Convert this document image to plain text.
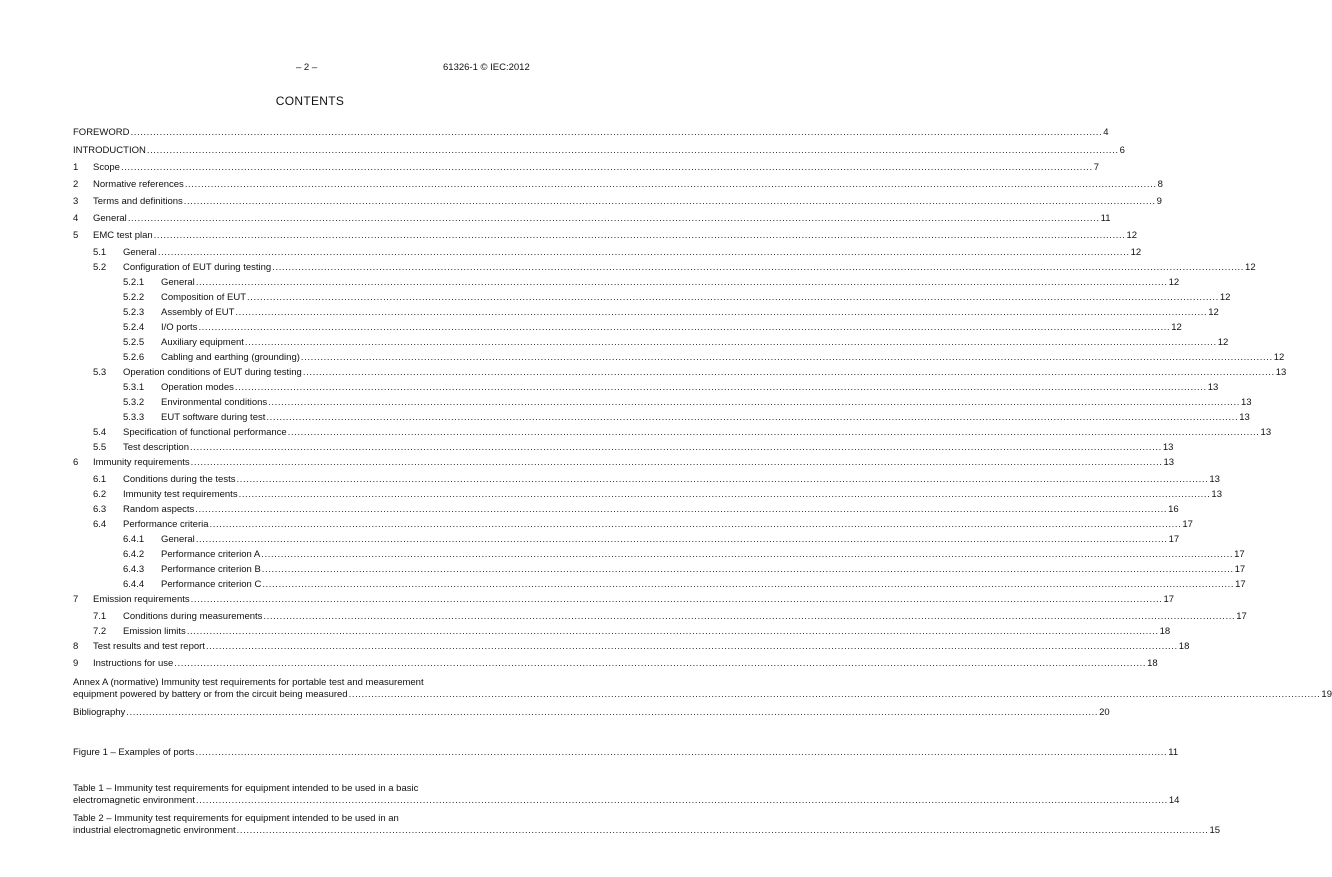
– 2 –	61326-1 © IEC:2012
CONTENTS
FOREWORD ............................................................................................................................................................................................................................................................................................................ 4
INTRODUCTION ............................................................................................................................................................................................................................................................................................................ 6
1	Scope ............................................................................................................................................................................................................................................................................................................ 7
2	Normative references ............................................................................................................................................................................................................................................................................................................ 8
3	Terms and definitions ............................................................................................................................................................................................................................................................................................................ 9
4	General ............................................................................................................................................................................................................................................................................................................ 11
5	EMC test plan ............................................................................................................................................................................................................................................................................................................ 12
5.1	General ............................................................................................................................................................................................................................................................................................................ 12
5.2	Configuration of EUT during testing ............................................................................................................................................................................................................................................................................................................ 12
5.2.1	General ............................................................................................................................................................................................................................................................................................................ 12
5.2.2	Composition of EUT ............................................................................................................................................................................................................................................................................................................ 12
5.2.3	Assembly of EUT ............................................................................................................................................................................................................................................................................................................ 12
5.2.4	I/O ports ............................................................................................................................................................................................................................................................................................................ 12
5.2.5	Auxiliary equipment ............................................................................................................................................................................................................................................................................................................ 12
5.2.6	Cabling and earthing (grounding) ............................................................................................................................................................................................................................................................................................................ 12
5.3	Operation conditions of EUT during testing ............................................................................................................................................................................................................................................................................................................ 13
5.3.1	Operation modes ............................................................................................................................................................................................................................................................................................................ 13
5.3.2	Environmental conditions ............................................................................................................................................................................................................................................................................................................ 13
5.3.3	EUT software during test ............................................................................................................................................................................................................................................................................................................ 13
5.4	Specification of functional performance ............................................................................................................................................................................................................................................................................................................ 13
5.5	Test description ............................................................................................................................................................................................................................................................................................................ 13
6	Immunity requirements ............................................................................................................................................................................................................................................................................................................ 13
6.1	Conditions during the tests ............................................................................................................................................................................................................................................................................................................ 13
6.2	Immunity test requirements ............................................................................................................................................................................................................................................................................................................ 13
6.3	Random aspects ............................................................................................................................................................................................................................................................................................................ 16
6.4	Performance criteria ............................................................................................................................................................................................................................................................................................................ 17
6.4.1	General ............................................................................................................................................................................................................................................................................................................ 17
6.4.2	Performance criterion A ............................................................................................................................................................................................................................................................................................................ 17
6.4.3	Performance criterion B ............................................................................................................................................................................................................................................................................................................ 17
6.4.4	Performance criterion C ............................................................................................................................................................................................................................................................................................................ 17
7	Emission requirements ............................................................................................................................................................................................................................................................................................................ 17
7.1	Conditions during measurements ............................................................................................................................................................................................................................................................................................................ 17
7.2	Emission limits ............................................................................................................................................................................................................................................................................................................ 18
8	Test results and test report ............................................................................................................................................................................................................................................................................................................ 18
9	Instructions for use ............................................................................................................................................................................................................................................................................................................ 18
Annex A (normative) Immunity test requirements for portable test and measurement
equipment powered by battery or from the circuit being measured ............................................................................................................................................................................................................................................................................................................ 19
Bibliography ............................................................................................................................................................................................................................................................................................................ 20
Figure 1 – Examples of ports ............................................................................................................................................................................................................................................................................................................ 11
Table 1 – Immunity test requirements for equipment intended to be used in a basic
electromagnetic environment ............................................................................................................................................................................................................................................................................................................ 14
Table 2 – Immunity test requirements for equipment intended to be used in an
industrial electromagnetic environment ............................................................................................................................................................................................................................................................................................................ 15
